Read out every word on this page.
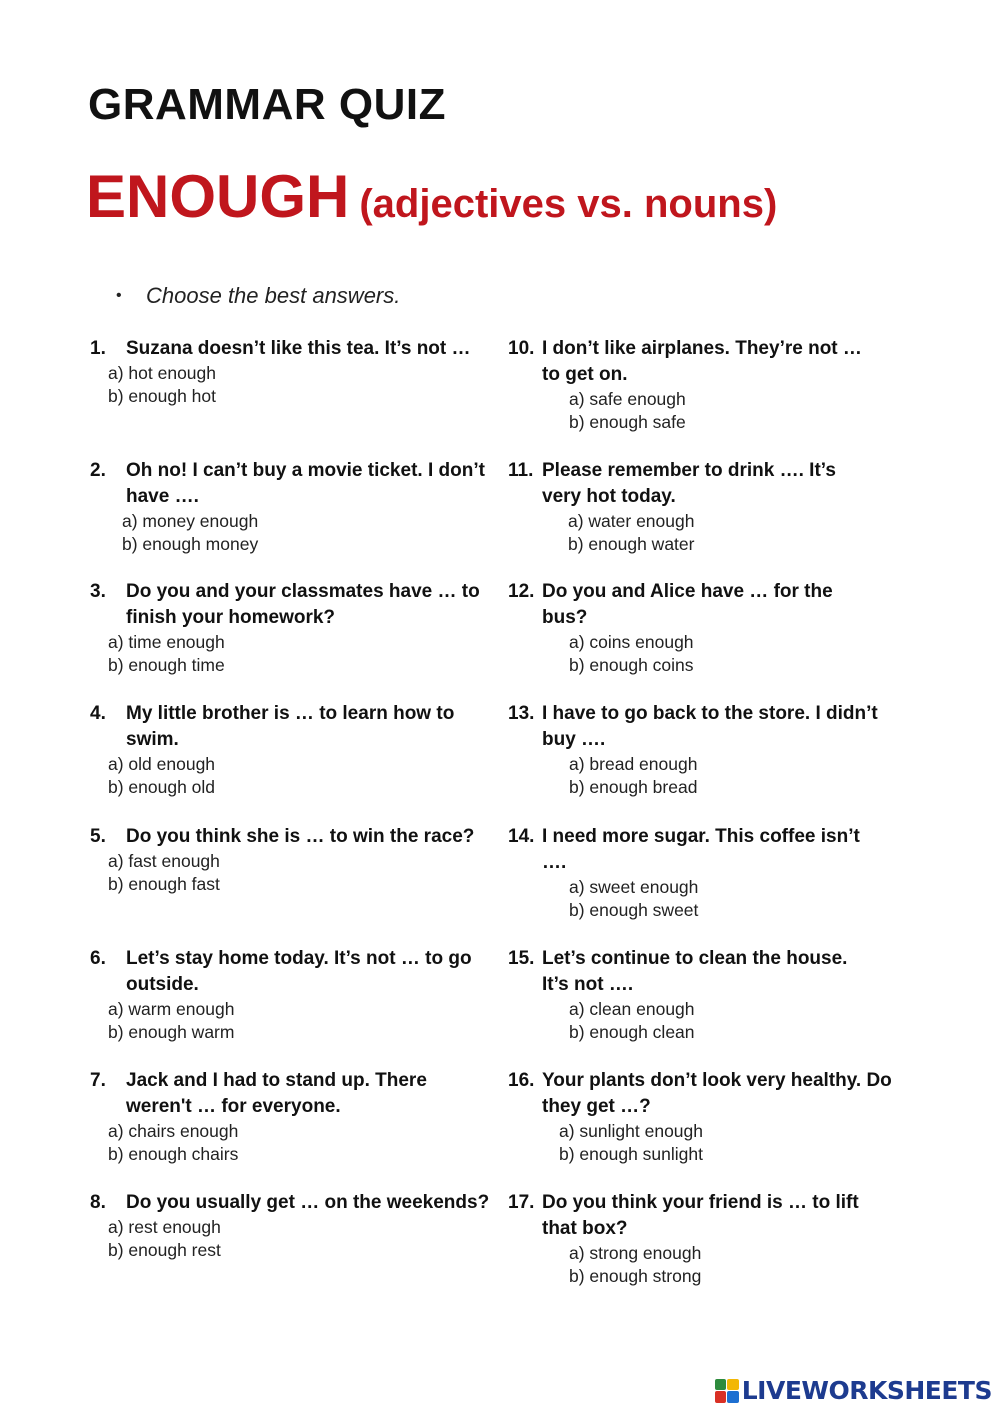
GRAMMAR QUIZ
ENOUGH (adjectives vs. nouns)
• Choose the best answers.
1.	Suzana doesn’t like this tea. It’s not …
a) hot enough
b) enough hot
2.	Oh no! I can’t buy a movie ticket. I don’t have ….
a) money enough
b) enough money
3.	Do you and your classmates have … to finish your homework?
a) time enough
b) enough time
4.	My little brother is … to learn how to swim.
a) old enough
b) enough old
5.	Do you think she is … to win the race?
a) fast enough
b) enough fast
6.	Let’s stay home today. It’s not … to go outside.
a) warm enough
b) enough warm
7.	Jack and I had to stand up. There weren't … for everyone.
a) chairs enough
b) enough chairs
8.	Do you usually get … on the weekends?
a) rest enough
b) enough rest
10. I don’t like airplanes. They’re not … to get on.
a) safe enough
b) enough safe
11. Please remember to drink …. It’s very hot today.
a) water enough
b) enough water
12. Do you and Alice have … for the bus?
a) coins enough
b) enough coins
13. I have to go back to the store. I didn’t buy ….
a) bread enough
b) enough bread
14. I need more sugar. This coffee isn’t ….
a) sweet enough
b) enough sweet
15. Let’s continue to clean the house. It’s not ….
a) clean enough
b) enough clean
16. Your plants don’t look very healthy. Do they get …?
a) sunlight enough
b) enough sunlight
17. Do you think your friend is … to lift that box?
a) strong enough
b) enough strong
LIVEWORKSHEETS
